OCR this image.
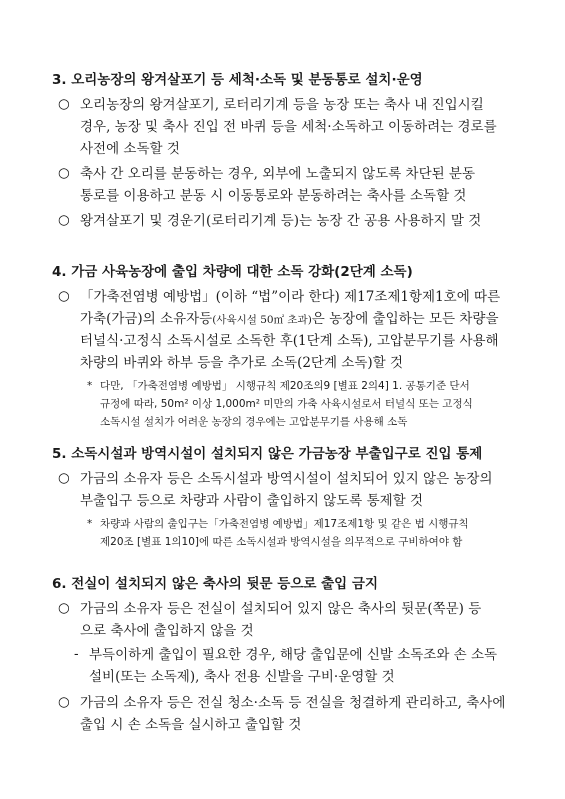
3. 오리농장의 왕겨살포기 등 세척·소독 및 분동통로 설치·운영
○ 오리농장의 왕겨살포기, 로터리기계 등을 농장 또는 축사 내 진입시킬
경우, 농장 및 축사 진입 전 바퀴 등을 세척·소독하고 이동하려는 경로를
사전에 소독할 것
○ 축사 간 오리를 분동하는 경우, 외부에 노출되지 않도록 차단된 분동
통로를 이용하고 분동 시 이동통로와 분동하려는 축사를 소독할 것
○ 왕겨살포기 및 경운기(로터리기계 등)는 농장 간 공용 사용하지 말 것
4. 가금 사육농장에 출입 차량에 대한 소독 강화(2단계 소독)
○ 「가축전염병 예방법」(이하 “법”이라 한다) 제17조제1항제1호에 따른
가축(가금)의 소유자등(사육시설 50㎡ 초과)은 농장에 출입하는 모든 차량을
터널식·고정식 소독시설로 소독한 후(1단계 소독), 고압분무기를 사용해
차량의 바퀴와 하부 등을 추가로 소독(2단계 소독)할 것
* 다만, 「가축전염병 예방법」 시행규칙 제20조의9 [별표 2의4] 1. 공통기준 단서
규정에 따라, 50m² 이상 1,000m² 미만의 가축 사육시설로서 터널식 또는 고정식
소독시설 설치가 어려운 농장의 경우에는 고압분무기를 사용해 소독
5. 소독시설과 방역시설이 설치되지 않은 가금농장 부출입구로 진입 통제
○ 가금의 소유자 등은 소독시설과 방역시설이 설치되어 있지 않은 농장의
부출입구 등으로 차량과 사람이 출입하지 않도록 통제할 것
* 차량과 사람의 출입구는「가축전염병 예방법」제17조제1항 및 같은 법 시행규칙
제20조 [별표 1의10]에 따른 소독시설과 방역시설을 의무적으로 구비하여야 함
6. 전실이 설치되지 않은 축사의 뒷문 등으로 출입 금지
○ 가금의 소유자 등은 전실이 설치되어 있지 않은 축사의 뒷문(쪽문) 등
으로 축사에 출입하지 않을 것
- 부득이하게 출입이 필요한 경우, 해당 출입문에 신발 소독조와 손 소독
설비(또는 소독제), 축사 전용 신발을 구비·운영할 것
○ 가금의 소유자 등은 전실 청소·소독 등 전실을 청결하게 관리하고, 축사에
출입 시 손 소독을 실시하고 출입할 것
